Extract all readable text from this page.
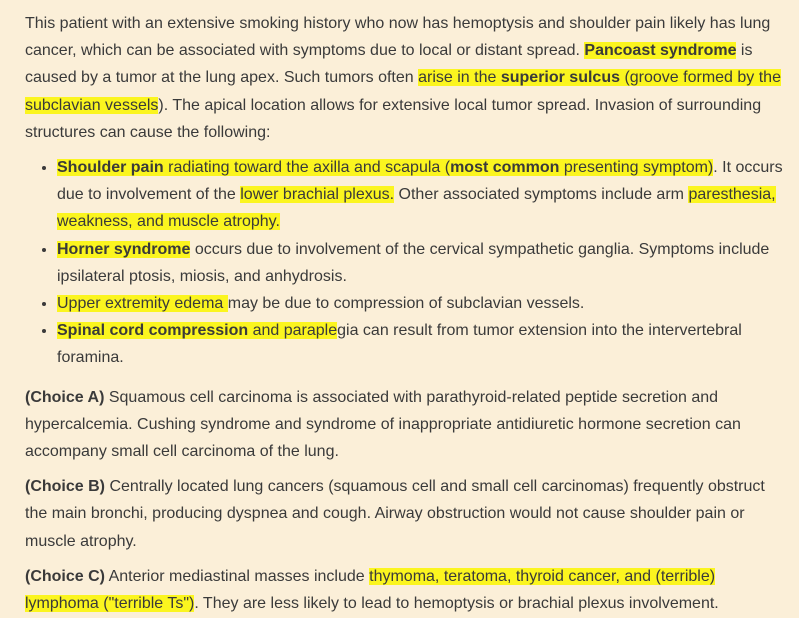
This patient with an extensive smoking history who now has hemoptysis and shoulder pain likely has lung cancer, which can be associated with symptoms due to local or distant spread. Pancoast syndrome is caused by a tumor at the lung apex. Such tumors often arise in the superior sulcus (groove formed by the subclavian vessels). The apical location allows for extensive local tumor spread. Invasion of surrounding structures can cause the following:

• Shoulder pain radiating toward the axilla and scapula (most common presenting symptom). It occurs due to involvement of the lower brachial plexus. Other associated symptoms include arm paresthesia, weakness, and muscle atrophy.
• Horner syndrome occurs due to involvement of the cervical sympathetic ganglia. Symptoms include ipsilateral ptosis, miosis, and anhydrosis.
• Upper extremity edema may be due to compression of subclavian vessels.
• Spinal cord compression and paraplegia can result from tumor extension into the intervertebral foramina.

(Choice A) Squamous cell carcinoma is associated with parathyroid-related peptide secretion and hypercalcemia. Cushing syndrome and syndrome of inappropriate antidiuretic hormone secretion can accompany small cell carcinoma of the lung.

(Choice B) Centrally located lung cancers (squamous cell and small cell carcinomas) frequently obstruct the main bronchi, producing dyspnea and cough. Airway obstruction would not cause shoulder pain or muscle atrophy.

(Choice C) Anterior mediastinal masses include thymoma, teratoma, thyroid cancer, and (terrible) lymphoma ("terrible Ts"). They are less likely to lead to hemoptysis or brachial plexus involvement.
